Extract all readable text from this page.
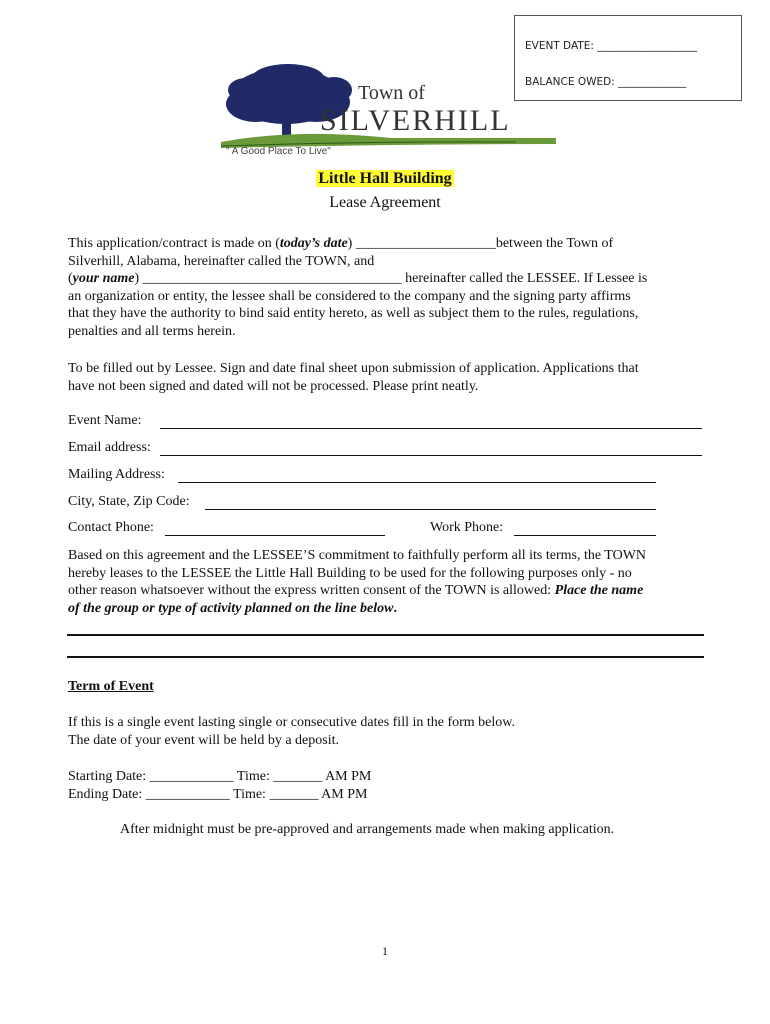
EVENT DATE: ___________________
BALANCE OWED: _____________
Town of
SILVERHILL
" A Good Place To Live"
Little Hall Building
Lease Agreement
This application/contract is made on (today’s date) ____________________between the Town of
Silverhill, Alabama, hereinafter called the TOWN, and
(your name) _____________________________________ hereinafter called the LESSEE. If Lessee is
an organization or entity, the lessee shall be considered to the company and the signing party affirms
that they have the authority to bind said entity hereto, as well as subject them to the rules, regulations,
penalties and all terms herein.
To be filled out by Lessee. Sign and date final sheet upon submission of application. Applications that
have not been signed and dated will not be processed. Please print neatly.
Event Name:
Email address:
Mailing Address:
City, State, Zip Code:
Contact Phone:	Work Phone:
Based on this agreement and the LESSEE’S commitment to faithfully perform all its terms, the TOWN
hereby leases to the LESSEE the Little Hall Building to be used for the following purposes only - no
other reason whatsoever without the express written consent of the TOWN is allowed: Place the name
of the group or type of activity planned on the line below.
Term of Event
If this is a single event lasting single or consecutive dates fill in the form below.
The date of your event will be held by a deposit.
Starting Date: ____________ Time: _______ AM PM
Ending Date: ____________ Time: _______ AM PM
After midnight must be pre-approved and arrangements made when making application.
1
